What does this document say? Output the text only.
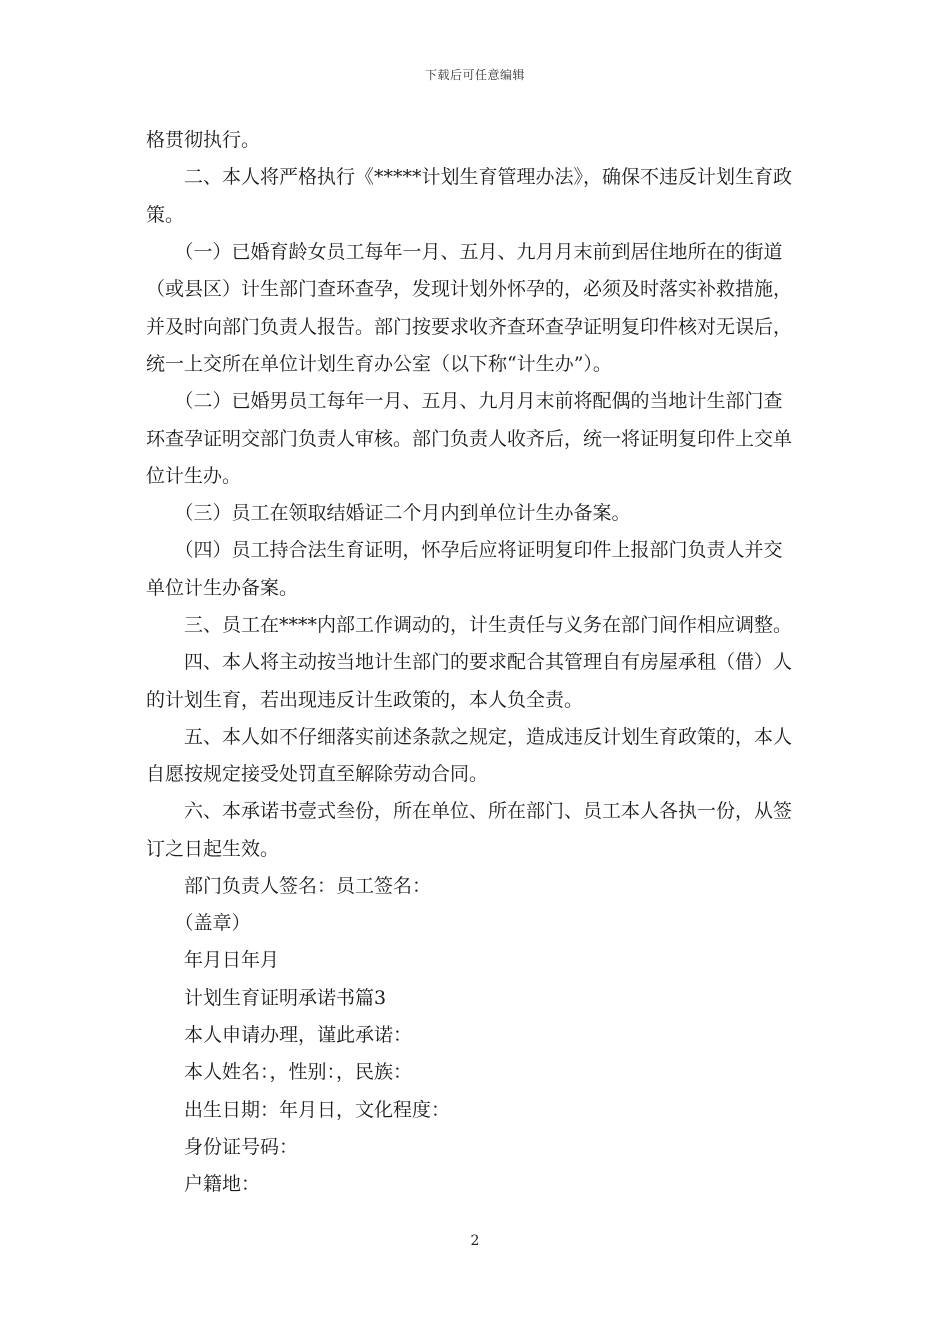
下载后可任意编辑
格贯彻执行。
　　二、本人将严格执行《*****计划生育管理办法》，确保不违反计划生育政
策。
　　（一）已婚育龄女员工每年一月、五月、九月月末前到居住地所在的街道
（或县区）计生部门查环查孕，发现计划外怀孕的，必须及时落实补救措施，
并及时向部门负责人报告。部门按要求收齐查环查孕证明复印件核对无误后，
统一上交所在单位计划生育办公室（以下称“计生办”）。
　　（二）已婚男员工每年一月、五月、九月月末前将配偶的当地计生部门查
环查孕证明交部门负责人审核。部门负责人收齐后，统一将证明复印件上交单
位计生办。
　　（三）员工在领取结婚证二个月内到单位计生办备案。
　　（四）员工持合法生育证明，怀孕后应将证明复印件上报部门负责人并交
单位计生办备案。
　　三、员工在****内部工作调动的，计生责任与义务在部门间作相应调整。
　　四、本人将主动按当地计生部门的要求配合其管理自有房屋承租（借）人
的计划生育，若出现违反计生政策的，本人负全责。
　　五、本人如不仔细落实前述条款之规定，造成违反计划生育政策的，本人
自愿按规定接受处罚直至解除劳动合同。
　　六、本承诺书壹式叁份，所在单位、所在部门、员工本人各执一份，从签
订之日起生效。
　　部门负责人签名：员工签名：
　　（盖章）
　　年月日年月
　　计划生育证明承诺书篇3
　　本人申请办理，谨此承诺：
　　本人姓名：，性别：，民族：
　　出生日期：年月日，文化程度：
　　身份证号码：
　　户籍地：
2
